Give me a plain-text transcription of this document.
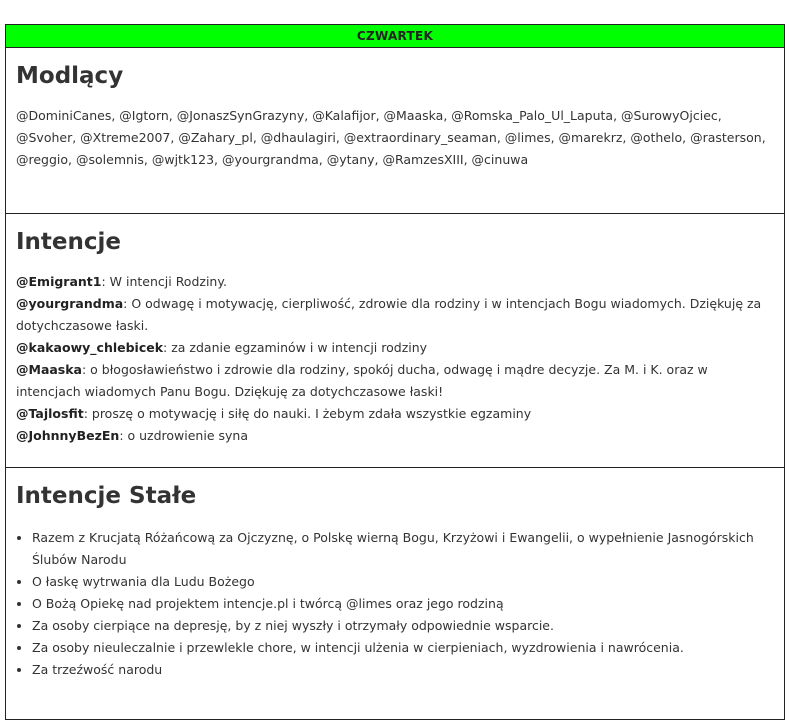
CZWARTEK
Modlący
@DominiCanes, @Igtorn, @JonaszSynGrazyny, @Kalafijor, @Maaska, @Romska_Palo_Ul_Laputa, @SurowyOjciec, @Svoher, @Xtreme2007, @Zahary_pl, @dhaulagiri, @extraordinary_seaman, @limes, @marekrz, @othelo, @rasterson, @reggio, @solemnis, @wjtk123, @yourgrandma, @ytany, @RamzesXIII, @cinuwa
Intencje
@Emigrant1: W intencji Rodziny.
@yourgrandma: O odwagę i motywację, cierpliwość, zdrowie dla rodziny i w intencjach Bogu wiadomych. Dziękuję za dotychczasowe łaski.
@kakaowy_chlebicek: za zdanie egzaminów i w intencji rodziny
@Maaska: o błogosławieństwo i zdrowie dla rodziny, spokój ducha, odwagę i mądre decyzje. Za M. i K. oraz w intencjach wiadomych Panu Bogu. Dziękuję za dotychczasowe łaski!
@Tajlosfit: proszę o motywację i siłę do nauki. I żebym zdała wszystkie egzaminy
@JohnnyBezEn: o uzdrowienie syna
Intencje Stałe
• Razem z Krucjatą Różańcową za Ojczyznę, o Polskę wierną Bogu, Krzyżowi i Ewangelii, o wypełnienie Jasnogórskich Ślubów Narodu
• O łaskę wytrwania dla Ludu Bożego
• O Bożą Opiekę nad projektem intencje.pl i twórcą @limes oraz jego rodziną
• Za osoby cierpiące na depresję, by z niej wyszły i otrzymały odpowiednie wsparcie.
• Za osoby nieuleczalnie i przewlekle chore, w intencji ulżenia w cierpieniach, wyzdrowienia i nawrócenia.
• Za trzeźwość narodu
